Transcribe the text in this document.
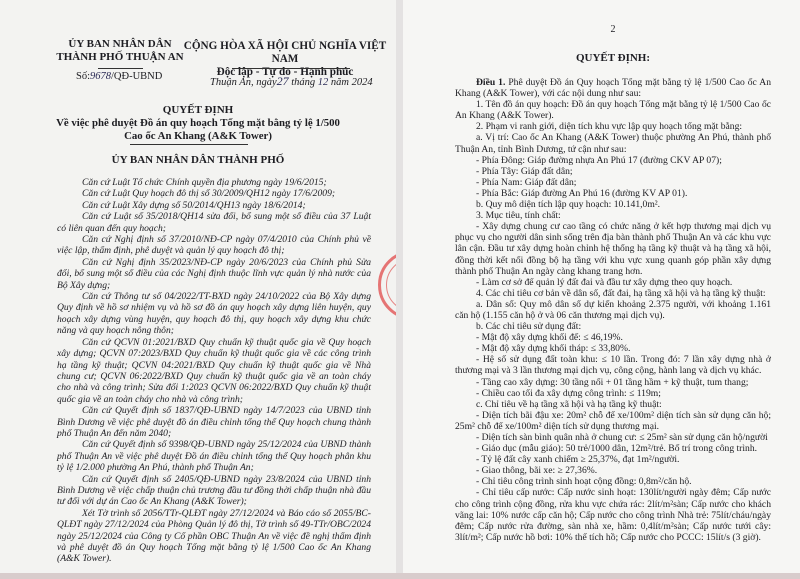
ỦY BAN NHÂN DÂN
THÀNH PHỐ THUẬN AN
CỘNG HÒA XÃ HỘI CHỦ NGHĨA VIỆT NAM
Độc lập - Tự do - Hạnh phúc
Số:9678/QĐ-UBND
Thuận An, ngày27 tháng 12 năm 2024
QUYẾT ĐỊNH
Về việc phê duyệt Đồ án quy hoạch Tổng mặt bằng tỷ lệ 1/500
Cao ốc An Khang (A&K Tower)
ỦY BAN NHÂN DÂN THÀNH PHỐ

Căn cứ Luật Tổ chức Chính quyền địa phương ngày 19/6/2015;

Căn cứ Luật Quy hoạch đô thị số 30/2009/QH12 ngày 17/6/2009;

Căn cứ Luật Xây dựng số 50/2014/QH13 ngày 18/6/2014;

Căn cứ Luật số 35/2018/QH14 sửa đổi, bổ sung một số điều của 37 Luật có liên quan đến quy hoạch;

Căn cứ Nghị định số 37/2010/NĐ-CP ngày 07/4/2010 của Chính phủ về việc lập, thẩm định, phê duyệt và quản lý quy hoạch đô thị;

Căn cứ Nghị định 35/2023/NĐ-CP ngày 20/6/2023 của Chính phủ Sửa đổi, bổ sung một số điều của các Nghị định thuộc lĩnh vực quản lý nhà nước của Bộ Xây dựng;

Căn cứ Thông tư số 04/2022/TT-BXD ngày 24/10/2022 của Bộ Xây dựng Quy định về hồ sơ nhiệm vụ và hồ sơ đồ án quy hoạch xây dựng liên huyện, quy hoạch xây dựng vùng huyện, quy hoạch đô thị, quy hoạch xây dựng khu chức năng và quy hoạch nông thôn;

Căn cứ QCVN 01:2021/BXD Quy chuẩn kỹ thuật quốc gia về Quy hoạch xây dựng; QCVN 07:2023/BXD Quy chuẩn kỹ thuật quốc gia về các công trình hạ tầng kỹ thuật; QCVN 04:2021/BXD Quy chuẩn kỹ thuật quốc gia về Nhà chung cư; QCVN 06:2022/BXD Quy chuẩn kỹ thuật quốc gia về an toàn cháy cho nhà và công trình; Sửa đổi 1:2023 QCVN 06:2022/BXD Quy chuẩn kỹ thuật quốc gia về an toàn cháy cho nhà và công trình;

Căn cứ Quyết định số 1837/QĐ-UBND ngày 14/7/2023 của UBND tỉnh Bình Dương về việc phê duyệt đồ án điều chỉnh tổng thể Quy hoạch chung thành phố Thuận An đến năm 2040;

Căn cứ Quyết định số 9398/QĐ-UBND ngày 25/12/2024 của UBND thành phố Thuận An về việc phê duyệt Đồ án điều chỉnh tổng thể Quy hoạch phân khu tỷ lệ 1/2.000 phường An Phú, thành phố Thuận An;

Căn cứ Quyết định số 2405/QĐ-UBND ngày 23/8/2024 của UBND tỉnh Bình Dương về việc chấp thuận chủ trương đầu tư đồng thời chấp thuận nhà đầu tư đối với dự án Cao ốc An Khang (A&K Tower);

Xét Tờ trình số 2056/TTr-QLĐT ngày 27/12/2024 và Báo cáo số 2055/BC-QLĐT ngày 27/12/2024 của Phòng Quản lý đô thị, Tờ trình số 49-TTr/OBC/2024 ngày 25/12/2024 của Công ty Cổ phần OBC Thuận An về việc đề nghị thẩm định và phê duyệt đồ án Quy hoạch Tổng mặt bằng tỷ lệ 1/500 Cao ốc An Khang (A&K Tower).

2
QUYẾT ĐỊNH:

Điều 1. Phê duyệt Đồ án Quy hoạch Tổng mặt bằng tỷ lệ 1/500 Cao ốc An Khang (A&K Tower), với các nội dung như sau:

1. Tên đồ án quy hoạch: Đồ án quy hoạch Tổng mặt bằng tỷ lệ 1/500 Cao ốc An Khang (A&K Tower).

2. Phạm vi ranh giới, diện tích khu vực lập quy hoạch tổng mặt bằng:

a. Vị trí: Cao ốc An Khang (A&K Tower) thuộc phường An Phú, thành phố Thuận An, tỉnh Bình Dương, tứ cận như sau:

- Phía Đông: Giáp đường nhựa An Phú 17 (đường CKV AP 07);

- Phía Tây: Giáp đất dân;

- Phía Nam: Giáp đất dân;

- Phía Bắc: Giáp đường An Phú 16 (đường KV AP 01).

b. Quy mô diện tích lập quy hoạch: 10.141,0m².

3. Mục tiêu, tính chất:

- Xây dựng chung cư cao tầng có chức năng ở kết hợp thương mại dịch vụ phục vụ cho người dân sinh sống trên địa bàn thành phố Thuận An và các khu vực lân cận. Đầu tư xây dựng hoàn chỉnh hệ thống hạ tầng kỹ thuật và hạ tầng xã hội, đồng thời kết nối đồng bộ hạ tầng với khu vực xung quanh góp phần xây dựng thành phố Thuận An ngày càng khang trang hơn.

- Làm cơ sở để quản lý đất đai và đầu tư xây dựng theo quy hoạch.

4. Các chỉ tiêu cơ bản về dân số, đất đai, hạ tầng xã hội và hạ tầng kỹ thuật:

a. Dân số: Quy mô dân số dự kiến khoảng 2.375 người, với khoảng 1.161 căn hộ (1.155 căn hộ ở và 06 căn thương mại dịch vụ).

b. Các chỉ tiêu sử dụng đất:

- Mật độ xây dựng khối đế: ≤ 46,19%.

- Mật độ xây dựng khối tháp: ≤ 33,80%.

- Hệ số sử dụng đất toàn khu: ≤ 10 lần. Trong đó: 7 lần xây dựng nhà ở thương mại và 3 lần thương mại dịch vụ, công cộng, hành lang và dịch vụ khác.

- Tầng cao xây dựng: 30 tầng nổi + 01 tầng hầm + kỹ thuật, tum thang;

- Chiều cao tối đa xây dựng công trình: ≤ 119m;

c. Chỉ tiêu về hạ tầng xã hội và hạ tầng kỹ thuật:

- Diện tích bãi đậu xe: 20m² chỗ để xe/100m² diện tích sàn sử dụng căn hộ; 25m² chỗ để xe/100m² diện tích sử dụng thương mại.

- Diện tích sàn bình quân nhà ở chung cư: ≤ 25m² sàn sử dụng căn hộ/người

- Giáo dục (mẫu giáo): 50 trẻ/1000 dân, 12m²/trẻ. Bố trí trong công trình.

- Tỷ lệ đất cây xanh chiếm ≥ 25,37%, đạt 1m²/người.

- Giao thông, bãi xe: ≥ 27,36%.

- Chỉ tiêu công trình sinh hoạt cộng đồng: 0,8m²/căn hộ.

- Chỉ tiêu cấp nước: Cấp nước sinh hoạt: 130lít/người ngày đêm; Cấp nước cho công trình cộng đồng, rửa khu vực chứa rác: 2lít/m²sàn; Cấp nước cho khách vãng lai: 10% nước cấp căn hộ; Cấp nước cho công trình Nhà trẻ: 75lít/cháu/ngày đêm; Cấp nước rửa đường, sàn nhà xe, hầm: 0,4lít/m²sàn; Cấp nước tưới cây: 3lít/m²; Cấp nước hồ bơi: 10% thể tích hồ; Cấp nước cho PCCC: 15lít/s (3 giờ).
